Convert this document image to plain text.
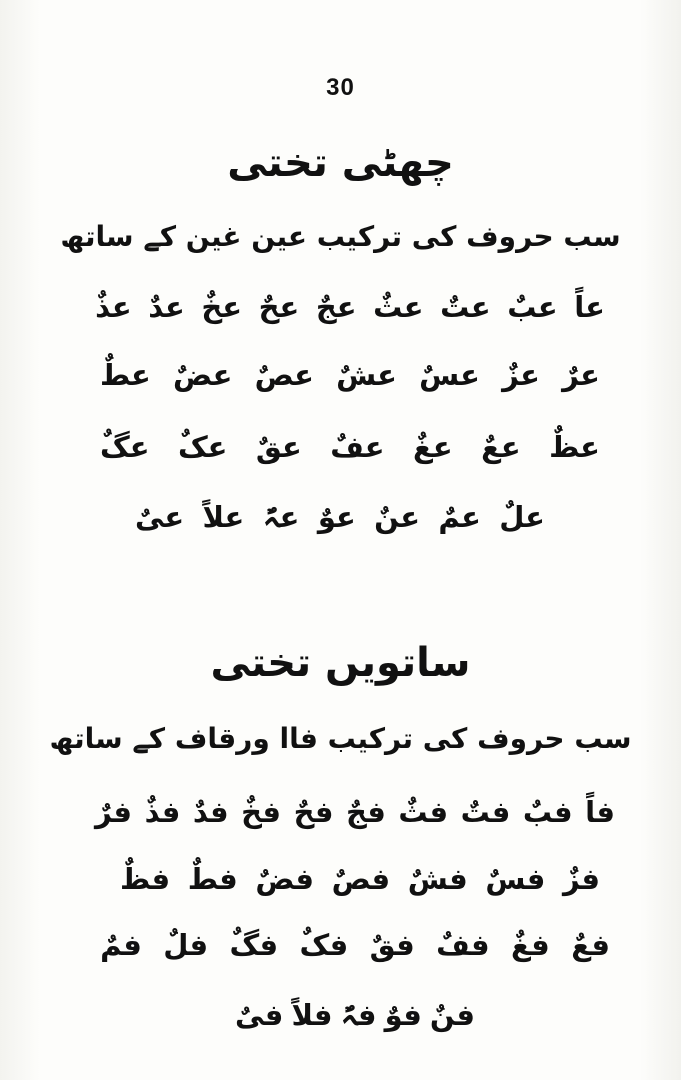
30
چھٹی تختی
سب حروف کی ترکیب عین غین کے ساتھ
عاً
عبٌ
عتٌ
عثٌ
عجٌ
عحٌ
عخٌ
عدٌ
عذٌ
عرٌ
عزٌ
عسٌ
عشٌ
عصٌ
عضٌ
عطٌ
عظٌ
ععٌ
عغٌ
عفٌ
عقٌ
عکٌ
عگٌ
علٌ
عمٌ
عنٌ
عوٌ
عہٌ
علاً
عیٌ
ساتویں تختی
سب حروف کی ترکیب فاا ورقاف کے ساتھ
فاً
فبٌ
فتٌ
فثٌ
فجٌ
فحٌ
فخٌ
فدٌ
فذٌ
فرٌ
فزٌ
فسٌ
فشٌ
فصٌ
فضٌ
فطٌ
فظٌ
فعٌ
فغٌ
ففٌ
فقٌ
فکٌ
فگٌ
فلٌ
فمٌ
فنٌ
فوٌ
فہٌ
فلاً
فیٌ
